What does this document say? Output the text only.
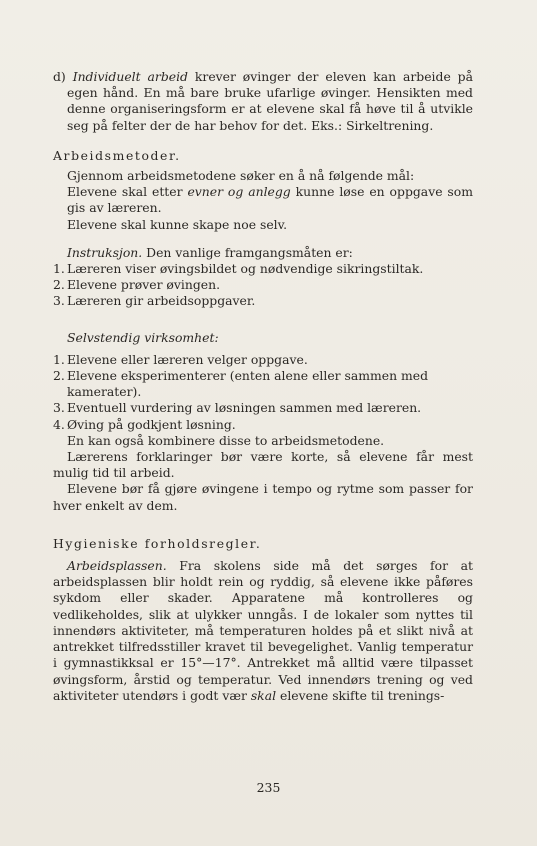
d) Individuelt arbeid krever øvinger der eleven kan arbeide på egen hånd. En må bare bruke ufarlige øvinger. Hensikten med denne organiseringsform er at elevene skal få høve til å utvikle seg på felter der de har behov for det. Eks.: Sirkeltrening.

Arbeidsmetoder.

Gjennom arbeidsmetodene søker en å nå følgende mål:

Elevene skal etter evner og anlegg kunne løse en oppgave som gis av læreren.

Elevene skal kunne skape noe selv.

Instruksjon. Den vanlige framgangsmåten er:

1. Læreren viser øvingsbildet og nødvendige sikringstiltak.
2. Elevene prøver øvingen.
3. Læreren gir arbeidsoppgaver.

Selvstendig virksomhet:

1. Elevene eller læreren velger oppgave.
2. Elevene eksperimenterer (enten alene eller sammen med kamerater).
3. Eventuell vurdering av løsningen sammen med læreren.
4. Øving på godkjent løsning.

En kan også kombinere disse to arbeidsmetodene.

Lærerens forklaringer bør være korte, så elevene får mest mulig tid til arbeid.

Elevene bør få gjøre øvingene i tempo og rytme som passer for hver enkelt av dem.

Hygieniske forholdsregler.

Arbeidsplassen. Fra skolens side må det sørges for at arbeidsplassen blir holdt rein og ryddig, så elevene ikke påføres sykdom eller skader. Apparatene må kontrolleres og vedlikeholdes, slik at ulykker unngås. I de lokaler som nyttes til innendørs aktiviteter, må temperaturen holdes på et slikt nivå at antrekket tilfredsstiller kravet til bevegelighet. Vanlig temperatur i gymnastikksal er 15°—17°. Antrekket må alltid være tilpasset øvingsform, årstid og temperatur. Ved innendørs trening og ved aktiviteter utendørs i godt vær skal elevene skifte til trenings-

235
